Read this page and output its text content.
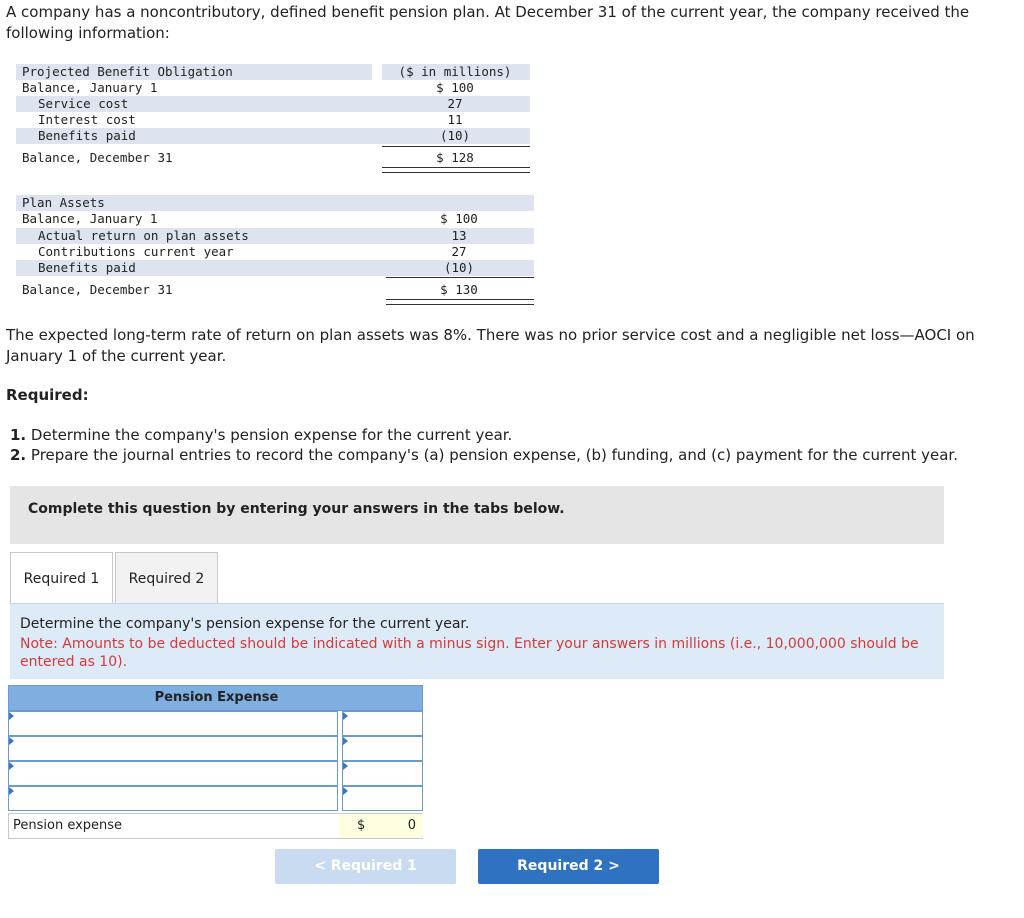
A company has a noncontributory, defined benefit pension plan. At December 31 of the current year, the company received the following information:
Projected Benefit Obligation	($ in millions)
Balance, January 1	$ 100
Service cost	27
Interest cost	11
Benefits paid	(10)
Balance, December 31	$ 128
Plan Assets
Balance, January 1	$ 100
Actual return on plan assets	13
Contributions current year	27
Benefits paid	(10)
Balance, December 31	$ 130
The expected long-term rate of return on plan assets was 8%. There was no prior service cost and a negligible net loss—AOCI on January 1 of the current year.
Required:
1. Determine the company's pension expense for the current year.
2. Prepare the journal entries to record the company's (a) pension expense, (b) funding, and (c) payment for the current year.
Complete this question by entering your answers in the tabs below.
Required 1	Required 2
Determine the company's pension expense for the current year.
Note: Amounts to be deducted should be indicated with a minus sign. Enter your answers in millions (i.e., 10,000,000 should be entered as 10).
Pension Expense
Pension expense	$	0
< Required 1	Required 2 >
